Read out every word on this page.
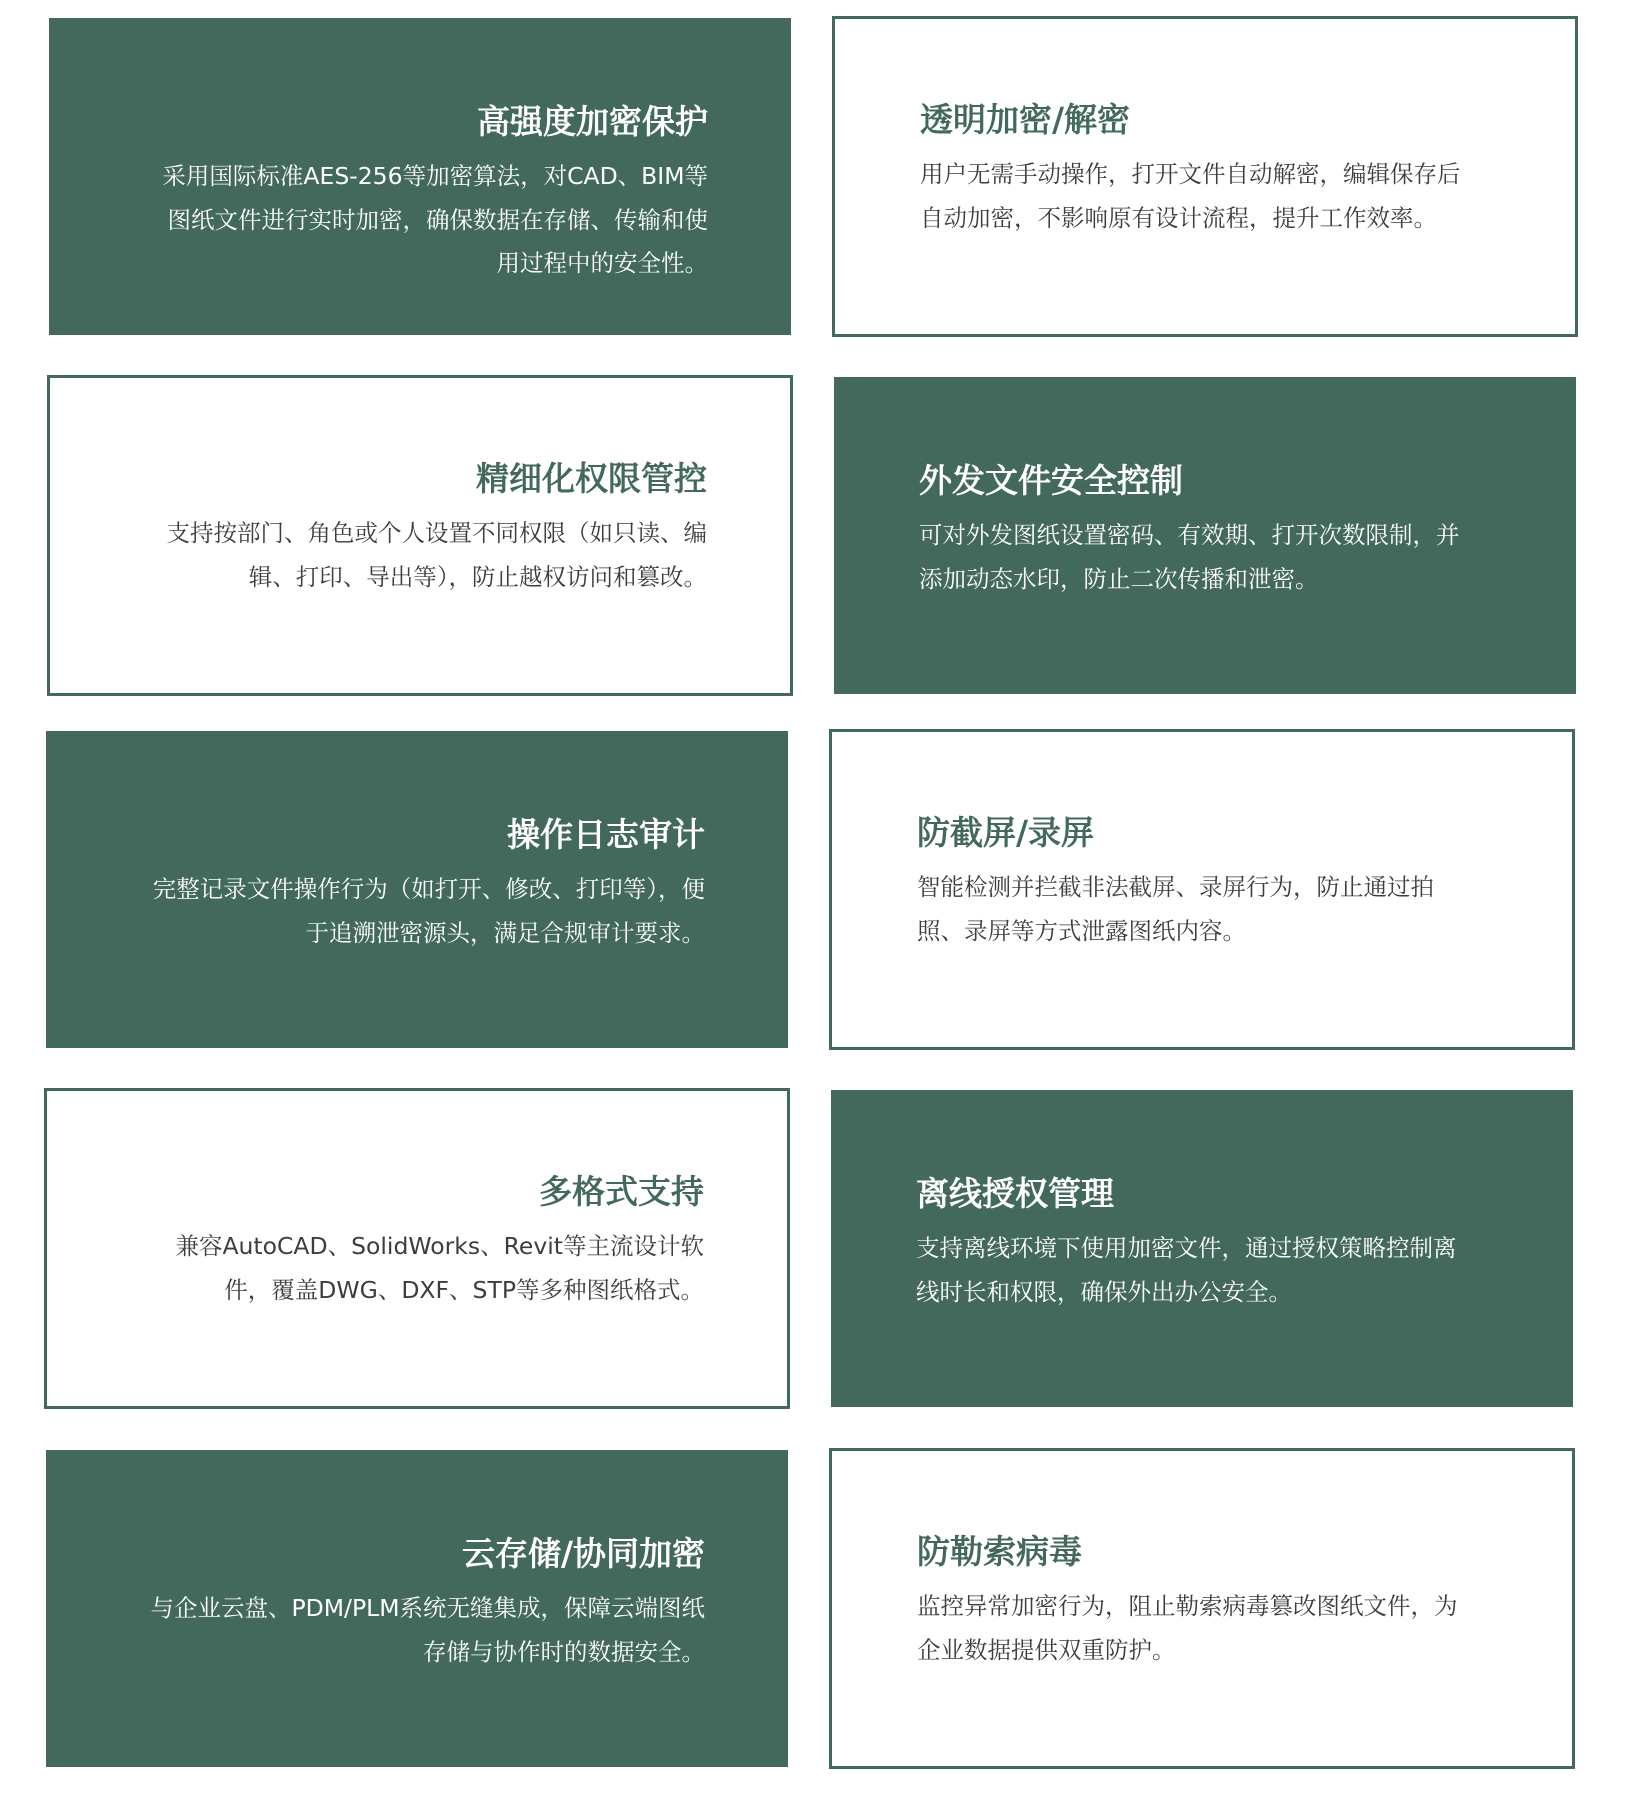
高强度加密保护

采用国际标准AES-256等加密算法，对CAD、BIM等图纸文件进行实时加密，确保数据在存储、传输和使用过程中的安全性。

透明加密/解密

用户无需手动操作，打开文件自动解密，编辑保存后自动加密，不影响原有设计流程，提升工作效率。

精细化权限管控

支持按部门、角色或个人设置不同权限（如只读、编辑、打印、导出等），防止越权访问和篡改。

外发文件安全控制

可对外发图纸设置密码、有效期、打开次数限制，并添加动态水印，防止二次传播和泄密。

操作日志审计

完整记录文件操作行为（如打开、修改、打印等），便于追溯泄密源头，满足合规审计要求。

防截屏/录屏

智能检测并拦截非法截屏、录屏行为，防止通过拍照、录屏等方式泄露图纸内容。

多格式支持

兼容AutoCAD、SolidWorks、Revit等主流设计软件，覆盖DWG、DXF、STP等多种图纸格式。

离线授权管理

支持离线环境下使用加密文件，通过授权策略控制离线时长和权限，确保外出办公安全。

云存储/协同加密

与企业云盘、PDM/PLM系统无缝集成，保障云端图纸存储与协作时的数据安全。

防勒索病毒

监控异常加密行为，阻止勒索病毒篡改图纸文件，为企业数据提供双重防护。
